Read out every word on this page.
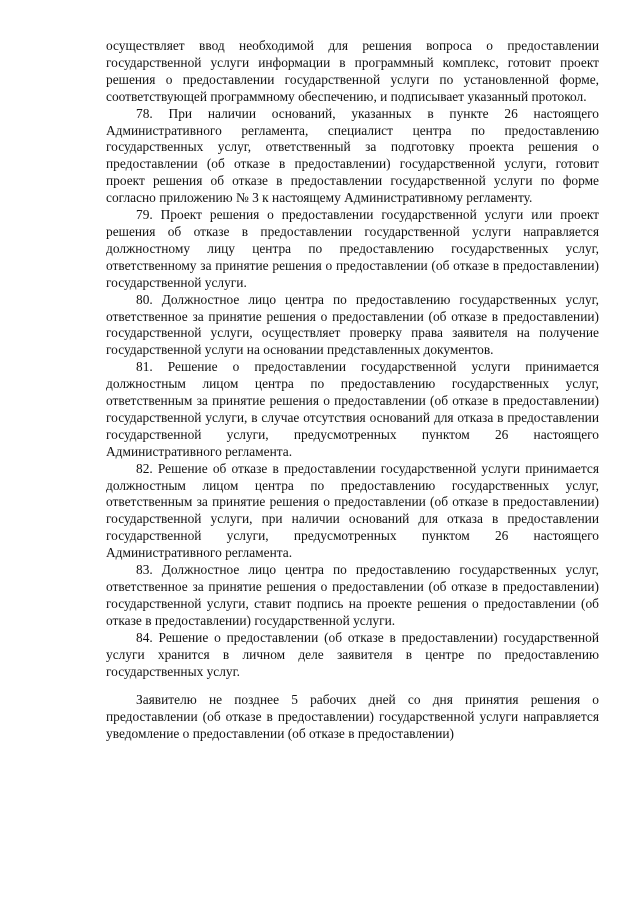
осуществляет ввод необходимой для решения вопроса о предоставлении государственной услуги информации в программный комплекс, готовит проект решения о предоставлении государственной услуги по установленной форме, соответствующей программному обеспечению, и подписывает указанный протокол.

78. При наличии оснований, указанных в пункте 26 настоящего Административного регламента, специалист центра по предоставлению государственных услуг, ответственный за подготовку проекта решения о предоставлении (об отказе в предоставлении) государственной услуги, готовит проект решения об отказе в предоставлении государственной услуги по форме согласно приложению № 3 к настоящему Административному регламенту.

79. Проект решения о предоставлении государственной услуги или проект решения об отказе в предоставлении государственной услуги направляется должностному лицу центра по предоставлению государственных услуг, ответственному за принятие решения о предоставлении (об отказе в предоставлении) государственной услуги.

80. Должностное лицо центра по предоставлению государственных услуг, ответственное за принятие решения о предоставлении (об отказе в предоставлении) государственной услуги, осуществляет проверку права заявителя на получение государственной услуги на основании представленных документов.

81. Решение о предоставлении государственной услуги принимается должностным лицом центра по предоставлению государственных услуг, ответственным за принятие решения о предоставлении (об отказе в предоставлении) государственной услуги, в случае отсутствия оснований для отказа в предоставлении государственной услуги, предусмотренных пунктом 26 настоящего Административного регламента.

82. Решение об отказе в предоставлении государственной услуги принимается должностным лицом центра по предоставлению государственных услуг, ответственным за принятие решения о предоставлении (об отказе в предоставлении) государственной услуги, при наличии оснований для отказа в предоставлении государственной услуги, предусмотренных пунктом 26 настоящего Административного регламента.

83. Должностное лицо центра по предоставлению государственных услуг, ответственное за принятие решения о предоставлении (об отказе в предоставлении) государственной услуги, ставит подпись на проекте решения о предоставлении (об отказе в предоставлении) государственной услуги.

84. Решение о предоставлении (об отказе в предоставлении) государственной услуги хранится в личном деле заявителя в центре по предоставлению государственных услуг.

Заявителю не позднее 5 рабочих дней со дня принятия решения о предоставлении (об отказе в предоставлении) государственной услуги направляется уведомление о предоставлении (об отказе в предоставлении)
